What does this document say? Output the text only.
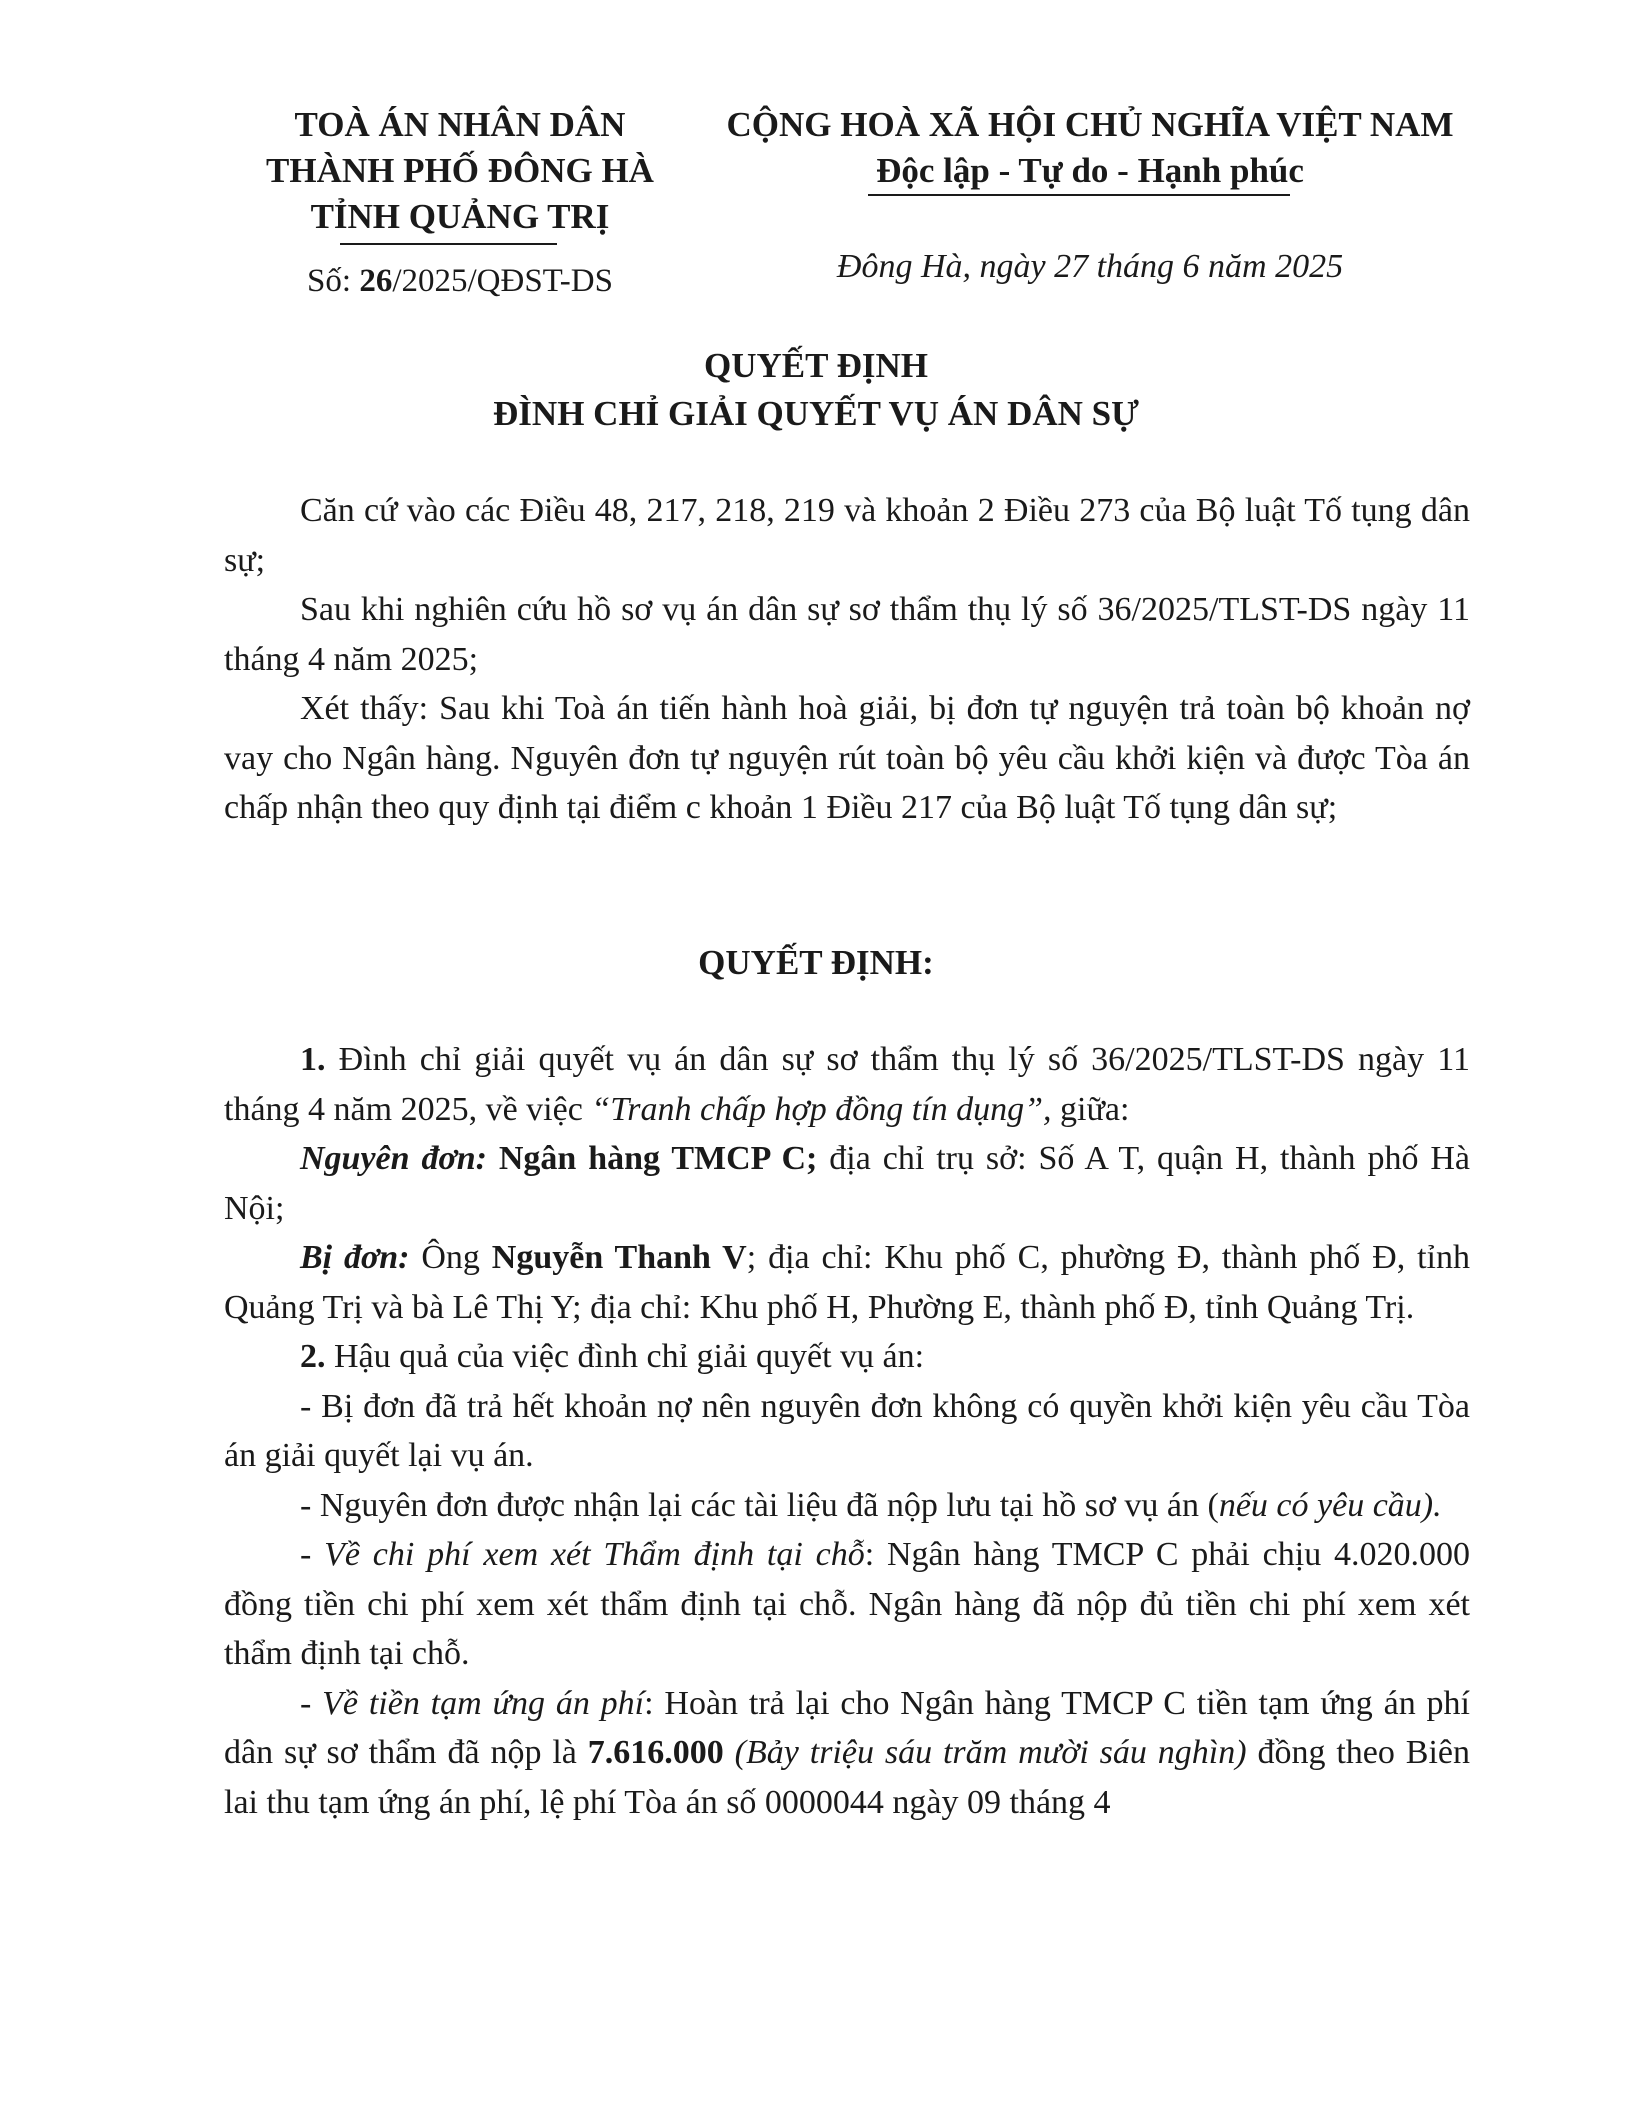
TOÀ ÁN NHÂN DÂN
THÀNH PHỐ ĐÔNG HÀ
TỈNH QUẢNG TRỊ
Số: 26/2025/QĐST-DS
CỘNG HOÀ XÃ HỘI CHỦ NGHĨA VIỆT NAM
Độc lập - Tự do - Hạnh phúc
Đông Hà, ngày 27 tháng 6 năm 2025
QUYẾT ĐỊNH
ĐÌNH CHỈ GIẢI QUYẾT VỤ ÁN DÂN SỰ

Căn cứ vào các Điều 48, 217, 218, 219 và khoản 2 Điều 273 của Bộ luật Tố tụng dân sự;

Sau khi nghiên cứu hồ sơ vụ án dân sự sơ thẩm thụ lý số 36/2025/TLST-DS ngày 11 tháng 4 năm 2025;

Xét thấy: Sau khi Toà án tiến hành hoà giải, bị đơn tự nguyện trả toàn bộ khoản nợ vay cho Ngân hàng. Nguyên đơn tự nguyện rút toàn bộ yêu cầu khởi kiện và được Tòa án chấp nhận theo quy định tại điểm c khoản 1 Điều 217 của Bộ luật Tố tụng dân sự;

QUYẾT ĐỊNH:

1. Đình chỉ giải quyết vụ án dân sự sơ thẩm thụ lý số 36/2025/TLST-DS ngày 11 tháng 4 năm 2025, về việc “Tranh chấp hợp đồng tín dụng”, giữa:

Nguyên đơn: Ngân hàng TMCP C; địa chỉ trụ sở: Số A T, quận H, thành phố Hà Nội;

Bị đơn: Ông Nguyễn Thanh V; địa chỉ: Khu phố C, phường Đ, thành phố Đ, tỉnh Quảng Trị và bà Lê Thị Y; địa chỉ: Khu phố H, Phường E, thành phố Đ, tỉnh Quảng Trị.

2. Hậu quả của việc đình chỉ giải quyết vụ án:

- Bị đơn đã trả hết khoản nợ nên nguyên đơn không có quyền khởi kiện yêu cầu Tòa án giải quyết lại vụ án.

- Nguyên đơn được nhận lại các tài liệu đã nộp lưu tại hồ sơ vụ án (nếu có yêu cầu).

- Về chi phí xem xét Thẩm định tại chỗ: Ngân hàng TMCP C phải chịu 4.020.000 đồng tiền chi phí xem xét thẩm định tại chỗ. Ngân hàng đã nộp đủ tiền chi phí xem xét thẩm định tại chỗ.

- Về tiền tạm ứng án phí: Hoàn trả lại cho Ngân hàng TMCP C tiền tạm ứng án phí dân sự sơ thẩm đã nộp là 7.616.000 (Bảy triệu sáu trăm mười sáu nghìn) đồng theo Biên lai thu tạm ứng án phí, lệ phí Tòa án số 0000044 ngày 09 tháng 4
